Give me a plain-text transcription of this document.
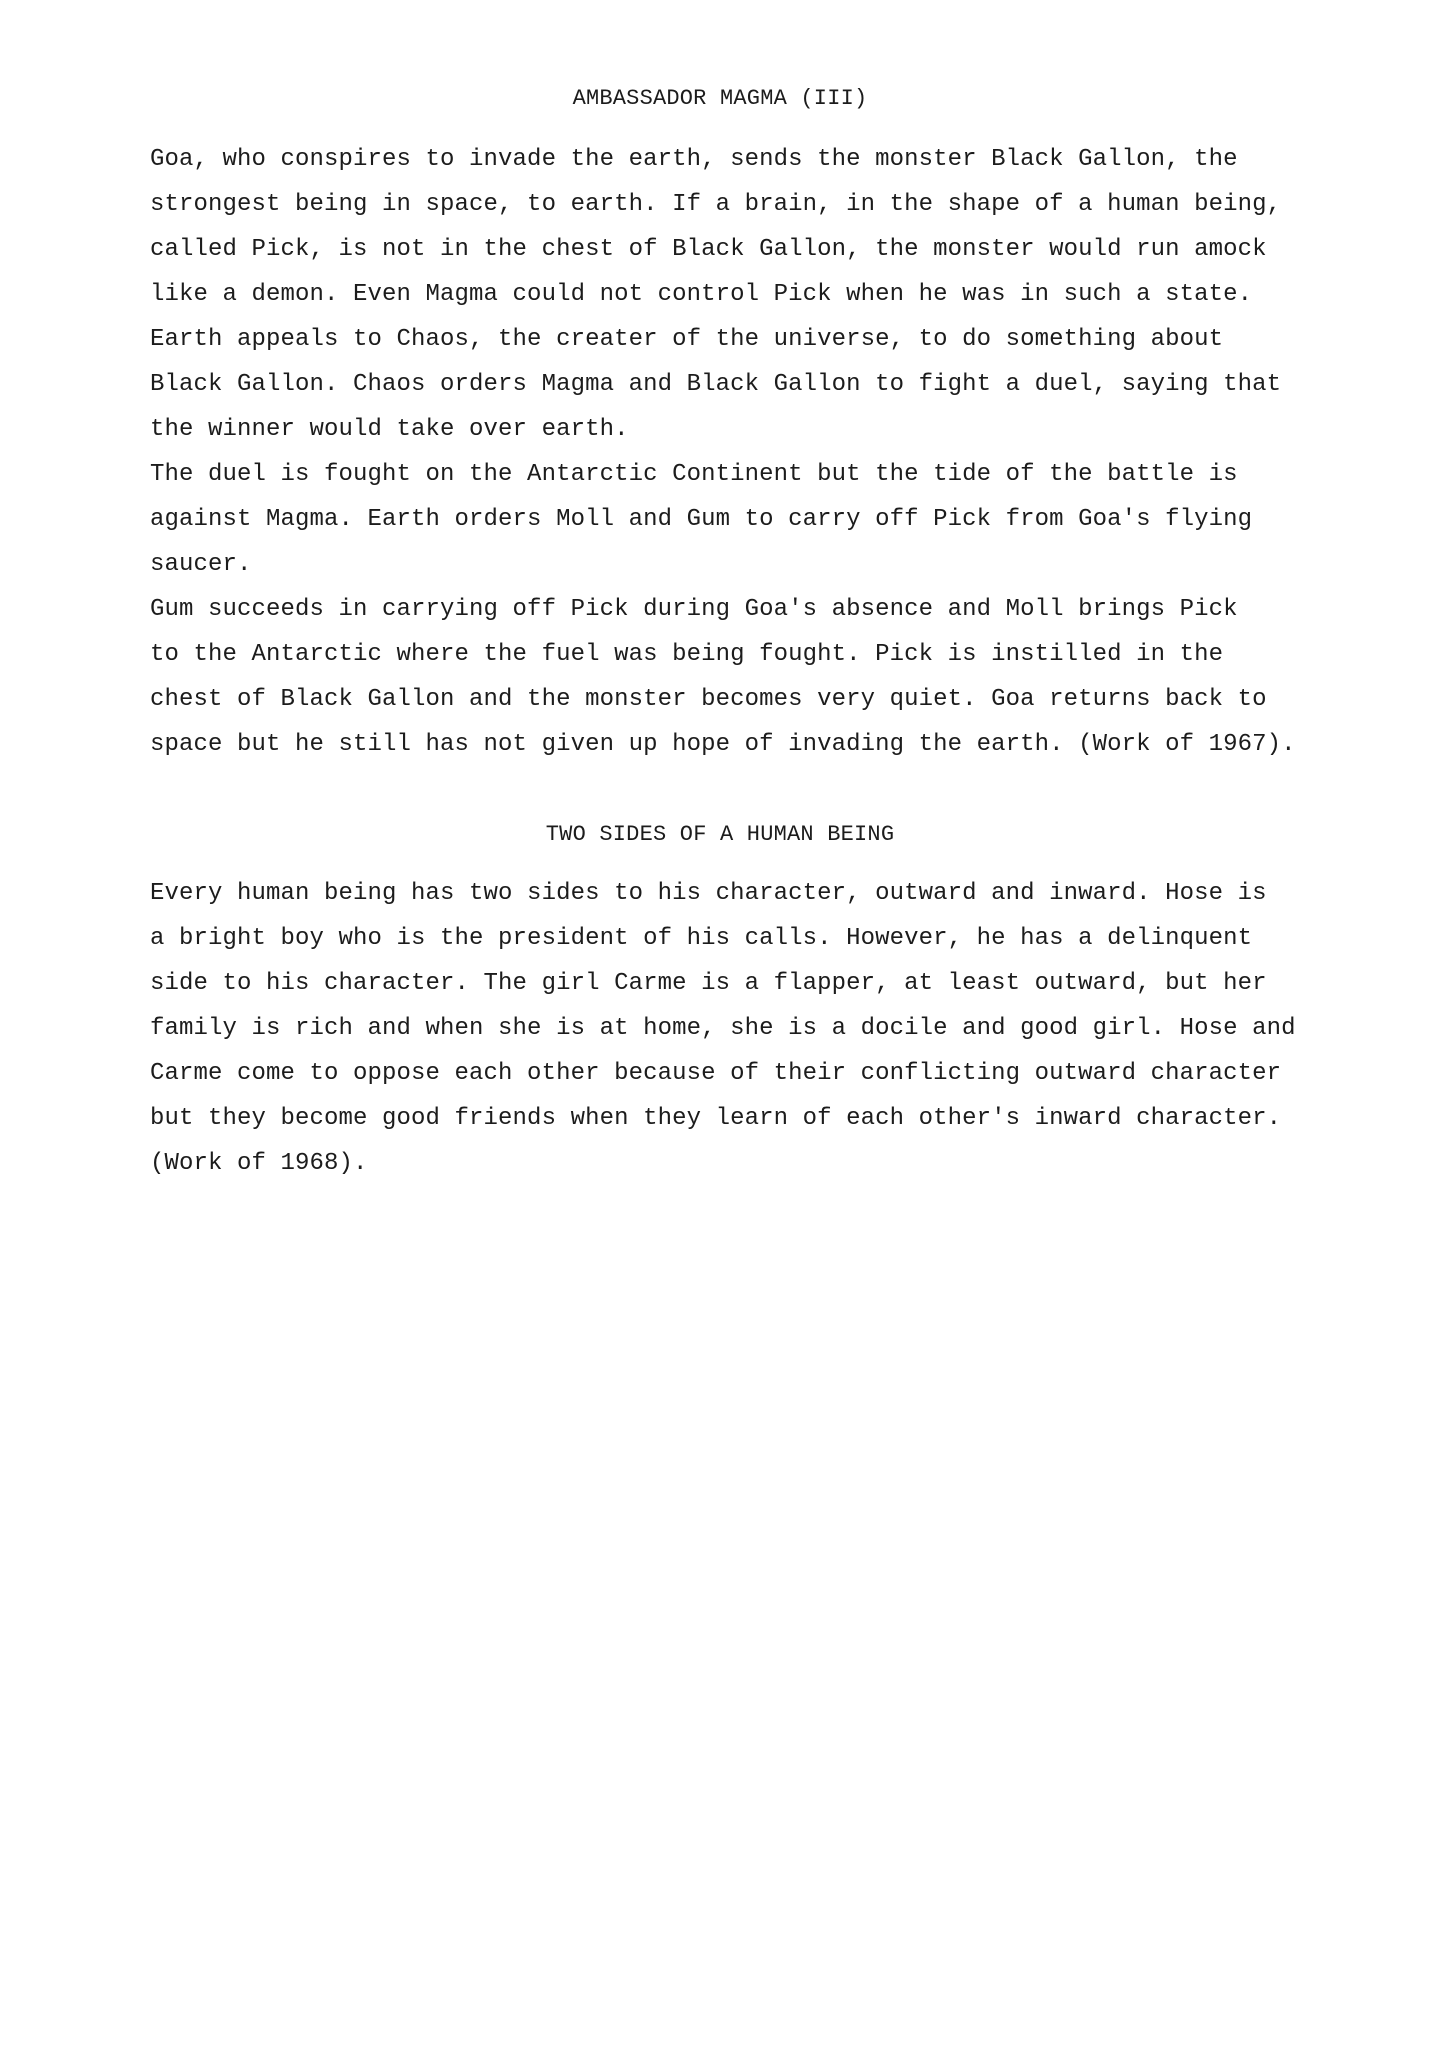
AMBASSADOR MAGMA (III)
Goa, who conspires to invade the earth, sends the monster Black Gallon, the
strongest being in space, to earth. If a brain, in the shape of a human being,
called Pick, is not in the chest of Black Gallon, the monster would run amock
like a demon. Even Magma could not control Pick when he was in such a state.
Earth appeals to Chaos, the creater of the universe, to do something about
Black Gallon. Chaos orders Magma and Black Gallon to fight a duel, saying that
the winner would take over earth.
The duel is fought on the Antarctic Continent but the tide of the battle is
against Magma. Earth orders Moll and Gum to carry off Pick from Goa's flying
saucer.
Gum succeeds in carrying off Pick during Goa's absence and Moll brings Pick
to the Antarctic where the fuel was being fought. Pick is instilled in the
chest of Black Gallon and the monster becomes very quiet. Goa returns back to
space but he still has not given up hope of invading the earth. (Work of 1967).
TWO SIDES OF A HUMAN BEING
Every human being has two sides to his character, outward and inward. Hose is
a bright boy who is the president of his calls. However, he has a delinquent
side to his character. The girl Carme is a flapper, at least outward, but her
family is rich and when she is at home, she is a docile and good girl. Hose and
Carme come to oppose each other because of their conflicting outward character
but they become good friends when they learn of each other's inward character.
(Work of 1968).
